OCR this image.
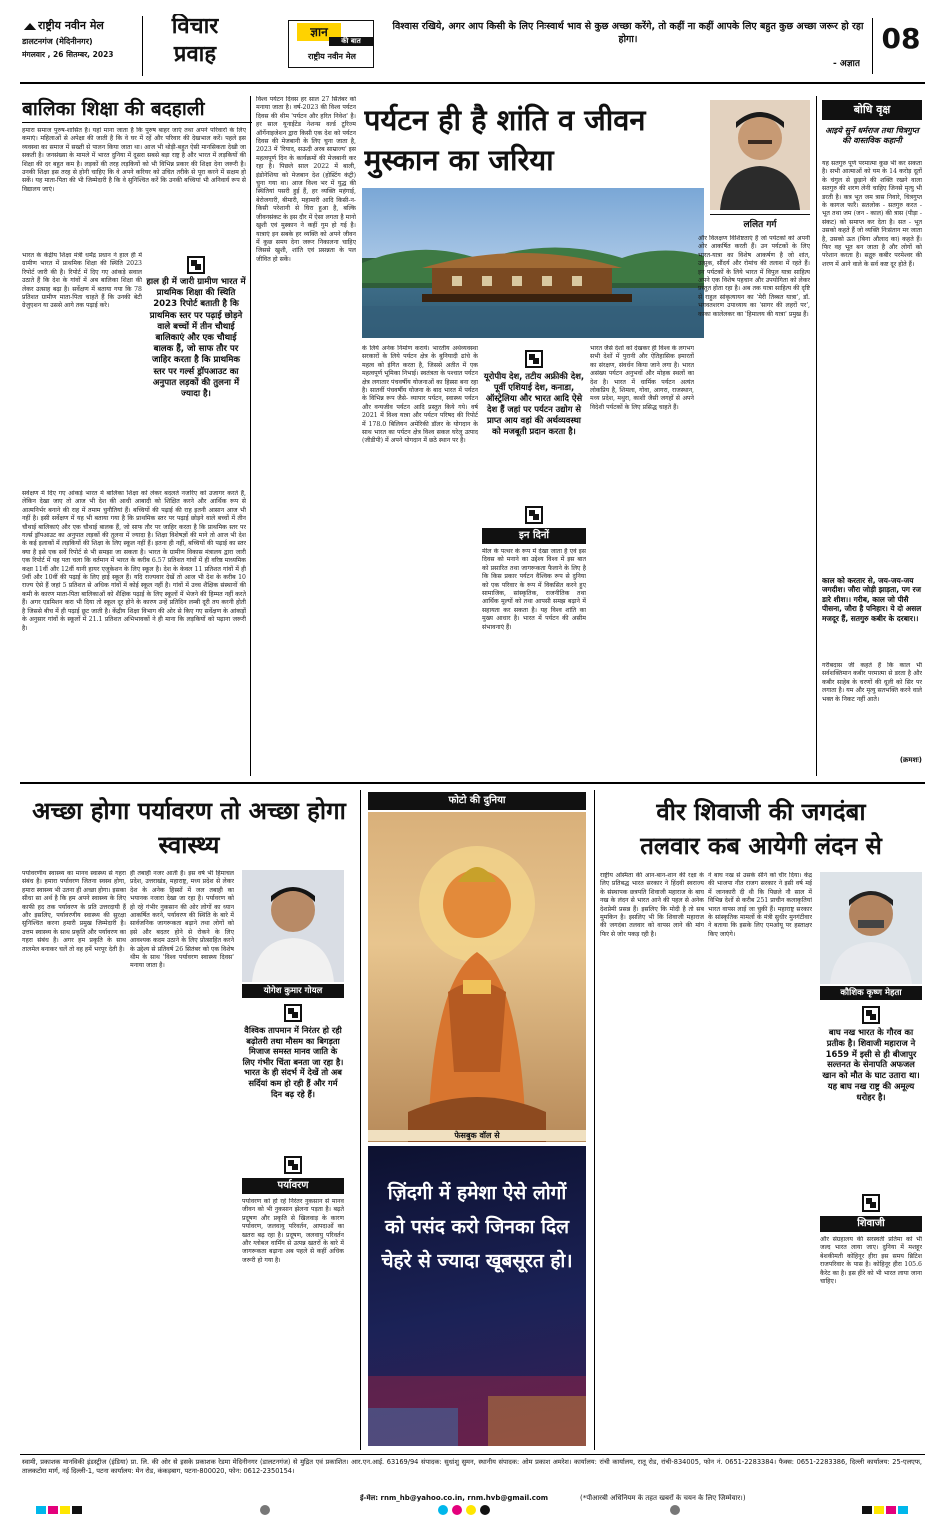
राष्ट्रीय नवीन मेल
डालटनगंज (मेदिनीनगर)
मंगलवार , 26 सितम्बर, 2023
विचार
प्रवाह
ज्ञान
की बात
राष्ट्रीय नवीन मेल
विश्वास रखिये, अगर आप किसी के लिए निःस्वार्थ भाव से कुछ अच्छा करेंगे, तो कहीं ना कहीं आपके लिए बहुत कुछ अच्छा जरूर हो रहा होगा।
- अज्ञात
08
बालिका शिक्षा की बदहाली
हमारा समाज पुरुष-शासित है। यहां माना जाता है कि पुरुष बाहर जाएं तथा अपने परिवारों के लिए कमाएं। महिलाओं से अपेक्षा की जाती है कि वे घर में रहें और परिवार की देखभाल करें। पहले इस व्यवस्था का समाज में सख्ती से पालन किया जाता था। आज भी थोड़ी-बहुत ऐसी मानसिकता देखी जा सकती है। जनसंख्या के मामले में भारत दुनिया में दूसरा सबसे बड़ा राष्ट्र है और भारत में लड़कियों की शिक्षा की दर बहुत कम है। लड़कों की तरह लड़कियों को भी विभिन्न प्रकार की शिक्षा देना जरूरी है। उनकी शिक्षा इस तरह से होनी चाहिए कि वे अपने करियर को उचित तरीके से पूरा करने में सक्षम हो सकें। यह माता-पिता की भी जिम्मेदारी है कि वे सुनिश्चित करें कि उनकी बच्चियां भी अनिवार्य रूप से विद्यालय जाएं।
भारत के केंद्रीय शिक्षा मंत्री धर्मेंद्र प्रधान ने हाल ही में ग्रामीण भारत में प्राथमिक शिक्षा की स्थिति 2023 रिपोर्ट जारी की है। रिपोर्ट में दिए गए आंकड़े सवाल उठाते हैं कि देश के गांवों में अब बालिका शिक्षा की लेकर उत्साह बढ़ा है। सर्वेक्षण में बताया गया कि 78 प्रतिशत ग्रामीण माता-पिता चाहते हैं कि उनकी बेटी ग्रेजुएशन या उससे आगे तक पढ़ाई करे।
हाल ही में जारी ग्रामीण भारत में प्राथमिक शिक्षा की स्थिति 2023 रिपोर्ट बताती है कि प्राथमिक स्तर पर पढ़ाई छोड़ने वाले बच्चों में तीन चौथाई बालिकाएं और एक चौथाई बालक हैं, जो साफ तौर पर जाहिर करता है कि प्राथमिक स्तर पर गर्ल्स ड्रॉपआउट का अनुपात लड़कों की तुलना में ज्यादा है।
सर्वेक्षण में दिए गए आंकड़े भारत में बालिका शिक्षा को लेकर बदलते नजरिए को उजागर करते हैं, लेकिन देखा जाए तो आज भी देश की आधी आबादी को शिक्षित करने और आर्थिक रूप से आत्मनिर्भर बनाने की राह में तमाम चुनौतियां हैं। बच्चियों की पढ़ाई की राह इतनी आसान आज भी नहीं है। इसी सर्वेक्षण में यह भी बताया गया है कि प्राथमिक स्तर पर पढ़ाई छोड़ने वाले बच्चों में तीन चौथाई बालिकाएं और एक चौथाई बालक हैं, जो साफ तौर पर जाहिर करता है कि प्राथमिक स्तर पर गर्ल्स ड्रॉपआउट का अनुपात लड़कों की तुलना में ज्यादा है। शिक्षा विशेषज्ञों की माने तो आज भी देश के कई इलाकों में लड़कियों की शिक्षा के लिए स्कूल नहीं हैं। इतना ही नहीं, बच्चियों की पढ़ाई का स्तर क्या है इसे एक सर्वे रिपोर्ट से भी समझा जा सकता है। भारत के ग्रामीण विकास मंत्रालय द्वारा जारी एक रिपोर्ट में यह पता चला कि वर्तमान में भारत के करीब 6.57 प्रतिशत गांवों में ही वरिष्ठ माध्यमिक कक्षा 11वीं और 12वीं यानी हायर एजुकेशन के लिए स्कूल है। देश के केवल 11 प्रतिशत गांवों में ही 9वीं और 10वीं की पढ़ाई के लिए हाई स्कूल हैं। यदि राज्यवार देखें तो आज भी देश के करीब 10 राज्य ऐसे हैं जहां 5 प्रतिशत से अधिक गांवों में कोई स्कूल नहीं है। गांवों में उच्च शैक्षिक संस्थानों की कमी के कारण माता-पिता बालिकाओं को शैक्षिक पढ़ाई के लिए स्कूलों में भेजने की हिम्मत नहीं करते हैं। अगर एडमिशन करा भी दिया तो स्कूल दूर होने के कारण उन्हें प्रतिदिन लम्बी दूरी तय करनी होती है जिससे बीच में ही पढ़ाई छूट जाती है। केंद्रीय शिक्षा विभाग की ओर से किए गए सर्वेक्षण के आंकड़ों के अनुसार गांवों के स्कूलों में 21.1 प्रतिशत अभिभावकों ने ही माना कि लड़कियों को पढ़ाना जरूरी है।
विश्व पर्यटन दिवस हर साल 27 सितंबर को मनाया जाता है। वर्ष-2023 की विश्व पर्यटन दिवस की थीम 'पर्यटन और हरित निवेश' है। हर साल यूनाईटेड नेशन्स वर्ल्ड टूरिज्म ऑर्गेनाइजेशन द्वारा किसी एक देश को पर्यटन दिवस की मेजबानी के लिए चुना जाता है, 2023 में 'रियाद, सऊदी अरब साम्राज्य' इस महत्वपूर्ण दिन के कार्यक्रमों की मेजबानी कर रहा है। पिछले साल 2022 में बाली, इंडोनेशिया को मेजबान देश (होस्टिंग कंट्री) चुना गया था। आज विश्व भर में युद्ध की स्थितियां पसरी हुई हैं, हर व्यक्ति महंगाई, बेरोजगारी, बीमारी, महामारी आदि किसी-न-किसी परेशानी से घिरा हुआ है, बल्कि जीवनसंकट के इस दौर में ऐसा लगता है मानो खुशी एवं मुस्कान ने कहीं गुम हो गई है। यात्राएं इन सबके हर व्यक्ति को अपने जीवन में कुछ समय देना जरूर निकालना चाहिए जिससे खुशी, शांति एवं प्रसन्नता के पल जीवित हो सकें।
पर्यटन ही है शांति व जीवन मुस्कान का जरिया
ललित गर्ग
के लिये अनेक निर्माण कराये। भारतीय अर्थव्यवस्था सरकारों के लिये पर्यटन क्षेत्र के बुनियादी ढांचे के महत्व को इंगित करता है, जिससे अतीत में एक महत्वपूर्ण भूमिका निभाई। स्वतंत्रता के पश्चात पर्यटन क्षेत्र लगातार पंचवर्षीय योजनाओं का हिस्सा बना रहा है। सातवीं पंचवर्षीय योजना के बाद भारत में पर्यटन के विभिन्न रूप जैसे- व्यापार पर्यटन, स्वास्थ्य पर्यटन और वन्यजीव पर्यटन आदि प्रस्तुत किये गये। वर्ष 2021 में विश्व यात्रा और पर्यटन परिषद की रिपोर्ट में 178.0 बिलियन अमेरिकी डॉलर के योगदान के साथ भारत का पर्यटन क्षेत्र विश्व सकल घरेलू उत्पाद (जीडीपी) में अपने योगदान में छठे स्थान पर है।
यूरोपीय देश, तटीय अफ्रीकी देश, पूर्वी एशियाई देश, कनाडा, ऑस्ट्रेलिया और भारत आदि ऐसे देश हैं जहां पर पर्यटन उद्योग से प्राप्त आय वहां की अर्थव्यवस्था को मजबूती प्रदान करता है।
इन दिनों
मील के पत्थर के रूप में देखा जाता है एवं इस दिवस को मनाने का उद्देश्य विश्व में इस बात को प्रसारित तथा जागरूकता फैलाने के लिए है कि किस प्रकार पर्यटन वैश्विक रूप से दुनिया को एक परिवार के रूप में विकसित करने हुए सामाजिक, सांस्कृतिक, राजनीतिक तथा आर्थिक मूल्यों को तथा आपसी समझ बढ़ाने में सहायता कर सकता है। यह विश्व शांति का मुख्य आधार है। भारत में पर्यटन की असीम संभावनाएं हैं।
भारत जैसे देशों को देखकर ही विश्व के लगभग सभी देशों में पुरानी और ऐतिहासिक इमारतों का संरक्षण, संवर्धन किया जाने लगा है। भारत असंख्य पर्यटन अनुभवों और मोहक स्थलों का देश है। भारत में धार्मिक पर्यटन अत्यंत लोकप्रिय है, शिमला, गोवा, आगरा, राजस्थान, मध्य प्रदेश, मथुरा, काशी जैसी जगहों से अपने विदेशी पर्यटकों के लिए प्रसिद्ध चाहते हैं।
और विलक्षण विशिष्टताएं हैं जो पर्यटकों को अपनी ओर आकर्षित करती हैं। उन पर्यटकों के लिए भारत-यात्रा का विशेष आकर्षण है जो शांत, उत्सुक, सौंदर्य और रोमांच की तलाश में रहते हैं। इन पर्यटकों के लिये भारत में विपुल यात्रा साहित्य अपने एक विशेष पहचान और उपयोगिता को लेकर प्रस्तुत होता रहा है। अब तक यात्रा साहित्य की दृष्टि से राहुल सांकृत्यायन का 'मेरी तिब्बत यात्रा', डॉ. भगवतशरण उपाध्याय का 'सागर की लहरों पर', काका कालेलकर का 'हिमालय की यात्रा' प्रमुख हैं।
बोधि वृक्ष
आइये सुनें धर्मराज तथा चित्रगुप्त की वास्तविक कहानी
यह सतगुरु पूर्ण परमात्मा कुछ भी कर सकता है। सभी आत्माओं को यम के 14 करोड़ दूतों के चंगुल से छुड़ाने की शक्ति रखने वाला सतगुरु की शरण लेनी चाहिए जिनसे मृत्यु भी डरती है। कत्र भूत जम त्रास निवारे, चित्रगुप्त के कागज फारै। सतलोक - सतगुरु करत - भूत तथा जम (जन - काल) की त्रास (पीड़ा - संकट) को समाप्त कर देता है। सत - भूत उसको कहते हैं जो व्यक्ति निःसंतान मर जाता है, उसको ऊत (बिना औलाद का) कहते हैं। फिर वह भूत बन जाता है और लोगों को परेशान करता है। सद्गुरु कबीर परमेश्वर की शरण में आने वाले के सर्व कष्ट दूर होते हैं।
काल को करतार से, जय-जय-जय जगदीश। जौरा जोड़ी झाड़ता, पग रज डारे शीश।। गरीब, काल जो पीसै पीसना, जौरा है पनिहार। ये दो असल मजदूर हैं, सतगुरु कबीर के दरबार।।
गरीबदास जी कहते हैं कि काल भी सर्वशक्तिमान कबीर परमात्मा से डरता है और कबीर साहेब के चरणों की धूली को सिर पर लगाता है। यम और मृत्यु सतभक्ति करने वाले भक्त के निकट नहीं आते।
(क्रमशः)
अच्छा होगा पर्यावरण तो अच्छा होगा स्वास्थ्य
पर्यावरणीय स्वास्थ्य का मानव स्वास्थ्य से गहरा संबंध है। हमारा पर्यावरण जितना स्वस्थ होगा, हमारा स्वास्थ्य भी उतना ही अच्छा होगा। इसका सीधा सा अर्थ है कि हम अपने स्वास्थ्य के लिए काफी हद तक पर्यावरण के प्रति उत्तरदायी हैं और इसलिए, पर्यावरणीय स्वास्थ्य की सुरक्षा सुनिश्चित करना हमारी प्रमुख जिम्मेदारी है। उत्तम स्वास्थ्य के साथ प्रकृति और पर्यावरण का गहरा संबंध है। अगर हम प्रकृति के साथ तालमेल बनाकर चलें तो वह हमें भरपूर देती है।
ही तबाही नजर आती है। इस वर्ष भी हिमाचल प्रदेश, उत्तराखंड, महाराष्ट्र, मध्य प्रदेश से लेकर देश के अनेक हिस्सों में जल तबाही का भयानक नजारा देखा जा रहा है। पर्यावरण को हो रहे गंभीर नुकसान की ओर लोगों का ध्यान आकर्षित करने, पर्यावरण की स्थिति के बारे में सार्वजनिक जागरूकता बढ़ाने तथा लोगों को इसे और बदतर होने से रोकने के लिए आवश्यक कदम उठाने के लिए प्रोत्साहित करने के उद्देश्य से प्रतिवर्ष 26 सितंबर को एक विशेष थीम के साथ 'विश्व पर्यावरण स्वास्थ्य दिवस' मनाया जाता है।
योगेश कुमार गोयल
वैश्विक तापमान में निरंतर हो रही बढ़ोतरी तथा मौसम का बिगड़ता मिजाज समस्त मानव जाति के लिए गंभीर चिंता बनता जा रहा है। भारत के ही संदर्भ में देखें तो अब सर्दियां कम हो रही हैं और गर्म दिन बढ़ रहे हैं।
पर्यावरण
पर्यावरण को हो रहे निरंतर नुकसान से मानव जीवन को भी नुकसान झेलना पड़ता है। बढ़ते प्रदूषण और प्रकृति से खिलवाड़ के कारण पर्यावरण, जलवायु परिवर्तन, आपदाओं का खतरा बढ़ रहा है। प्रदूषण, जलवायु परिवर्तन और ग्लोबल वार्मिंग से उत्पन्न खतरों के बारे में जागरूकता बढ़ाना अब पहले से कहीं अधिक जरूरी हो गया है।
फोटो की दुनिया
फेसबुक वॉल से
ज़िंदगी में हमेशा ऐसे लोगों को पसंद करो जिनका दिल चेहरे से ज्यादा खूबसूरत हो।
वीर शिवाजी की जगदंबा
तलवार कब आयेगी लंदन से
राष्ट्रीय अस्मिता की आन-बान-शान की रक्षा के लिए प्रतिबद्ध भारत सरकार ने हिंदवी स्वराज्य के संस्थापक छत्रपति शिवाजी महाराज के बाघ नख के लंदन से भारत आने की पहल से अनेक देशप्रेमी प्रसन्न हैं। इसलिए कि मोदी है तो सब मुमकिन है। इसलिए भी कि शिवाजी महाराज की जगदंबा तलवार को वापस लाने की मांग फिर से जोर पकड़ रही है।
ने बाघ नख से उसके सीने को चीर दिया। केंद्र की भाजपा नीत राजग सरकार ने इसी वर्ष मई में जानकारी दी थी कि पिछले नौ साल में विभिन्न देशों से करीब 251 प्राचीन कलाकृतियां भारत वापस लाई जा चुकी हैं। महाराष्ट्र सरकार के सांस्कृतिक मामलों के मंत्री सुधीर मुनगंटीवार ने बताया कि इसके लिए एमओयू पर हस्ताक्षर किए जाएंगे।
कौशिक कृष्ण मेहता
बाघ नख भारत के गौरव का प्रतीक है। शिवाजी महाराज ने 1659 में इसी से ही बीजापुर सल्तनत के सेनापति अफजल खान को मौत के घाट उतारा था। यह बाघ नख राष्ट्र की अमूल्य धरोहर है।
शिवाजी
और संग्रहालय की सरस्वती प्रतिमा को भी जल्द भारत लाया जाए। दुनिया में मशहूर बेशकीमती कोहिनूर हीरा इस समय ब्रिटिश राजपरिवार के पास है। कोहिनूर हीरा 105.6 कैरेट का है। इस हीरे को भी भारत लाया जाना चाहिए।
स्वामी, प्रकाशक मानविकी इंडस्ट्रीज (इंडिया) प्रा. लि. की ओर से इसके प्रकाशक रेडमा मेदिनीनगर (डालटनगंज) से मुद्रित एवं प्रकाशित। आर.एन.आई. 63169/94 संपादक: सुधांशु सुमन, स्थानीय संपादक: ओम प्रकाश अमरेश। कार्यालय: रांची कार्यालय, रातू रोड, रांची-834005, फोन नं. 0651-2283384। फैक्स: 0651-2283386, दिल्ली कार्यालय: 25-एलएफ, तालकटोरा मार्ग, नई दिल्ली-1, पटना कार्यालय: मेन रोड, कंकड़बाग, पटना-800020, फोन: 0612-2350154।
ई-मेल: rnm_hb@yahoo.co.in, rnm.hvb@gmail.com	(*पीआरबी अधिनियम के तहत खबरों के चयन के लिए जिम्मेवार।)
